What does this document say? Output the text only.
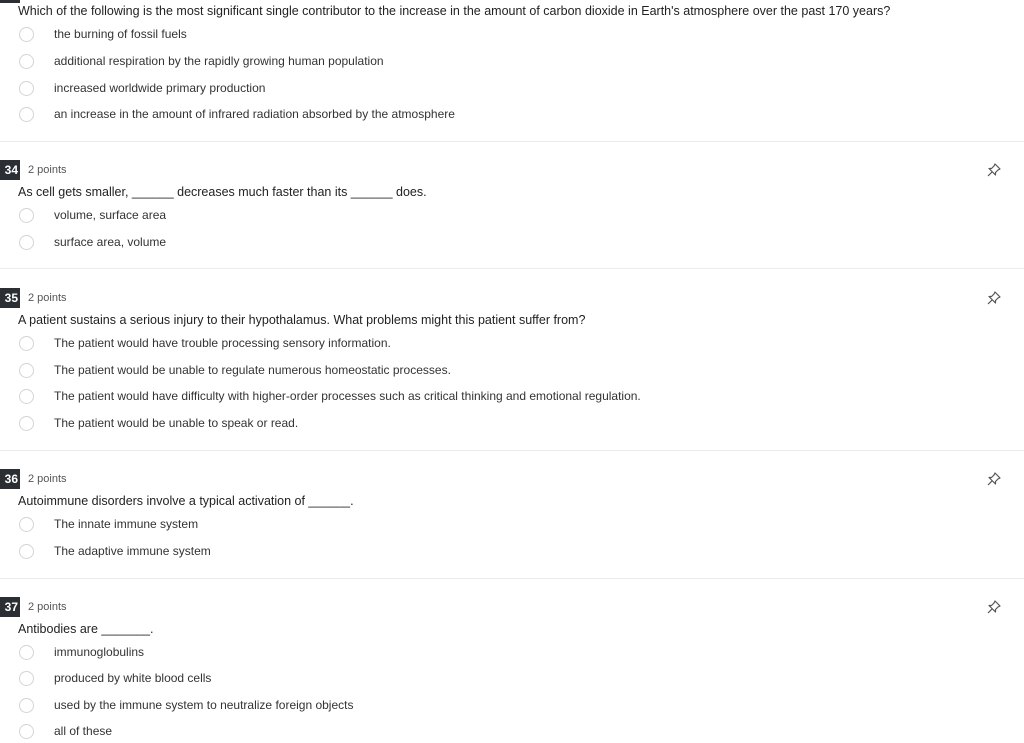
Which of the following is the most significant single contributor to the increase in the amount of carbon dioxide in Earth's atmosphere over the past 170 years?
the burning of fossil fuels
additional respiration by the rapidly growing human population
increased worldwide primary production
an increase in the amount of infrared radiation absorbed by the atmosphere
34 2 points
As cell gets smaller, ______ decreases much faster than its ______ does.
volume, surface area
surface area, volume
35 2 points
A patient sustains a serious injury to their hypothalamus. What problems might this patient suffer from?
The patient would have trouble processing sensory information.
The patient would be unable to regulate numerous homeostatic processes.
The patient would have difficulty with higher-order processes such as critical thinking and emotional regulation.
The patient would be unable to speak or read.
36 2 points
Autoimmune disorders involve a typical activation of ______.
The innate immune system
The adaptive immune system
37 2 points
Antibodies are _______.
immunoglobulins
produced by white blood cells
used by the immune system to neutralize foreign objects
all of these
